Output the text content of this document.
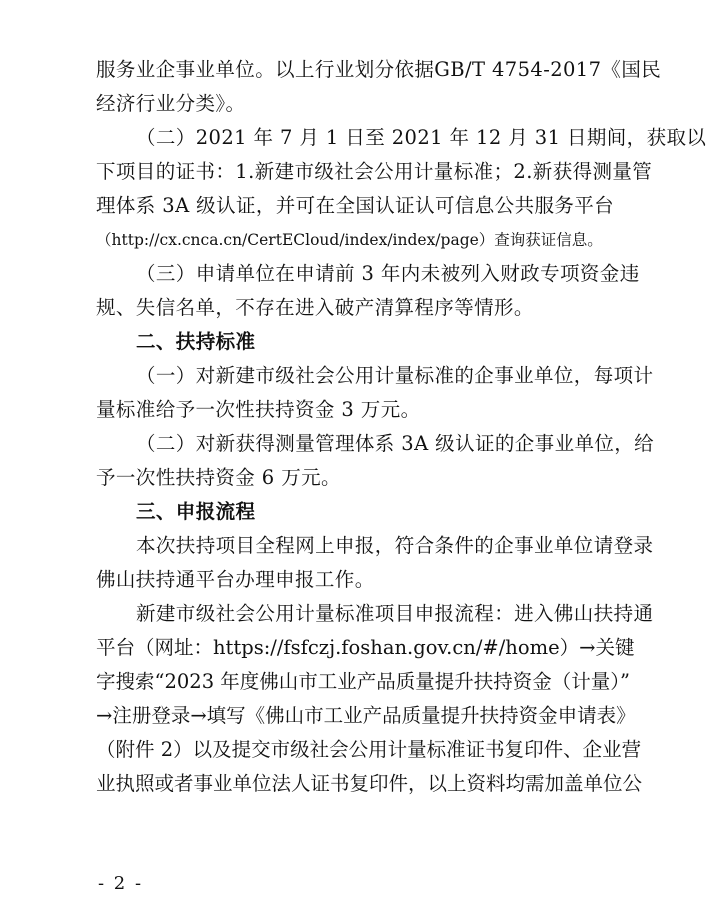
服务业企事业单位。以上行业划分依据GB/T 4754-2017《国民
经济行业分类》。
（二）2021 年 7 月 1 日至 2021 年 12 月 31 日期间，获取以
下项目的证书：1.新建市级社会公用计量标准；2.新获得测量管
理体系 3A 级认证，并可在全国认证认可信息公共服务平台
（http://cx.cnca.cn/CertECloud/index/index/page）查询获证信息。
（三）申请单位在申请前 3 年内未被列入财政专项资金违
规、失信名单，不存在进入破产清算程序等情形。
二、扶持标准
（一）对新建市级社会公用计量标准的企事业单位，每项计
量标准给予一次性扶持资金 3 万元。
（二）对新获得测量管理体系 3A 级认证的企事业单位，给
予一次性扶持资金 6 万元。
三、申报流程
本次扶持项目全程网上申报，符合条件的企事业单位请登录
佛山扶持通平台办理申报工作。
新建市级社会公用计量标准项目申报流程：进入佛山扶持通
平台（网址：https://fsfczj.foshan.gov.cn/#/home）→关键
字搜索“2023 年度佛山市工业产品质量提升扶持资金（计量）”
→注册登录→填写《佛山市工业产品质量提升扶持资金申请表》
（附件 2）以及提交市级社会公用计量标准证书复印件、企业营
业执照或者事业单位法人证书复印件，以上资料均需加盖单位公
- 2 -
